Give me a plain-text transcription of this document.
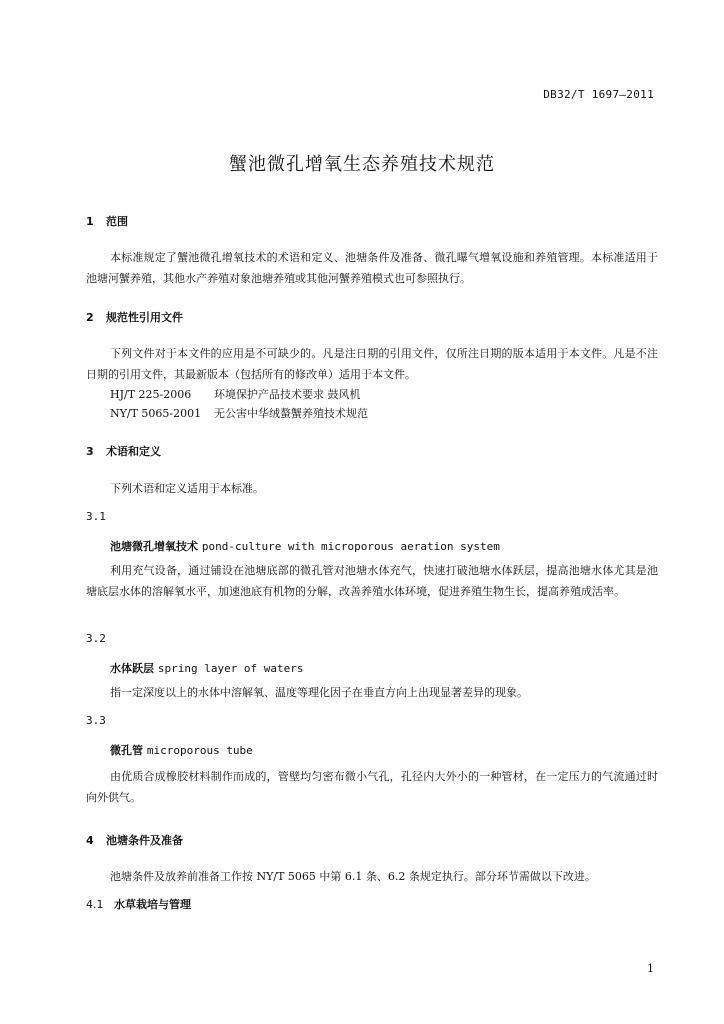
DB32/T 1697—2011
蟹池微孔增氧生态养殖技术规范
1 范围
本标准规定了蟹池微孔增氧技术的术语和定义、池塘条件及准备、微孔曝气增氧设施和养殖管理。本标准适用于池塘河蟹养殖，其他水产养殖对象池塘养殖或其他河蟹养殖模式也可参照执行。
2 规范性引用文件
下列文件对于本文件的应用是不可缺少的。凡是注日期的引用文件，仅所注日期的版本适用于本文件。凡是不注日期的引用文件，其最新版本（包括所有的修改单）适用于本文件。
HJ/T 225-2006 环境保护产品技术要求 鼓风机
NY/T 5065-2001 无公害中华绒螯蟹养殖技术规范
3 术语和定义
下列术语和定义适用于本标准。
3.1
池塘微孔增氧技术 pond-culture with microporous aeration system
利用充气设备，通过铺设在池塘底部的微孔管对池塘水体充气，快速打破池塘水体跃层，提高池塘水体尤其是池塘底层水体的溶解氧水平，加速池底有机物的分解，改善养殖水体环境，促进养殖生物生长，提高养殖成活率。
3.2
水体跃层 spring layer of waters
指一定深度以上的水体中溶解氧、温度等理化因子在垂直方向上出现显著差异的现象。
3.3
微孔管 microporous tube
由优质合成橡胶材料制作而成的，管壁均匀密布微小气孔，孔径内大外小的一种管材，在一定压力的气流通过时向外供气。
4 池塘条件及准备
池塘条件及放养前准备工作按 NY/T 5065 中第 6.1 条、6.2 条规定执行。部分环节需做以下改进。
4.1 水草栽培与管理
1
